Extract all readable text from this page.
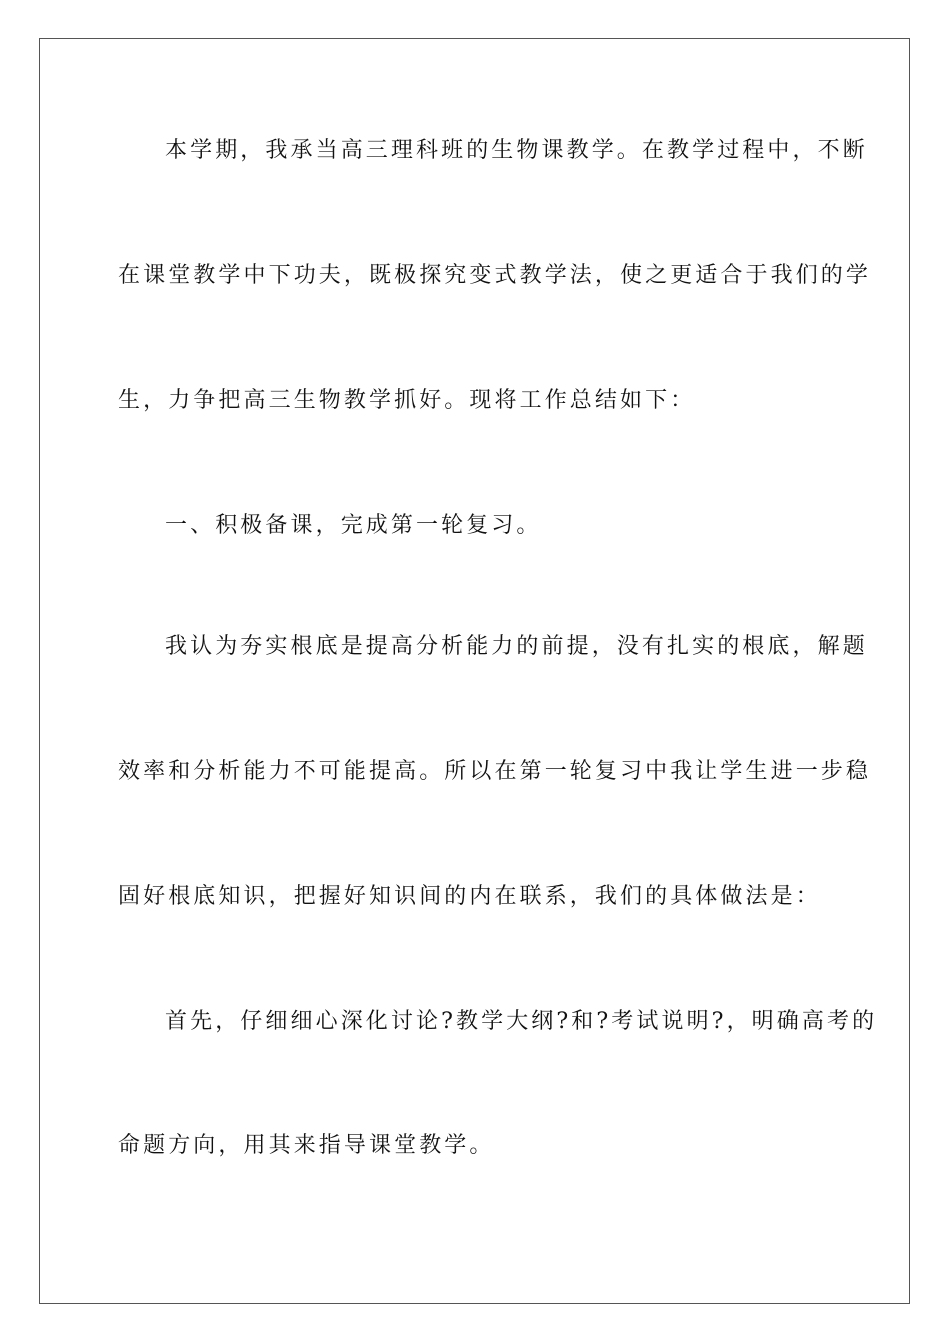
本学期，我承当高三理科班的生物课教学。在教学过程中，不断
在课堂教学中下功夫，既极探究变式教学法，使之更适合于我们的学
生，力争把高三生物教学抓好。现将工作总结如下：
一、积极备课，完成第一轮复习。
我认为夯实根底是提高分析能力的前提，没有扎实的根底，解题
效率和分析能力不可能提高。所以在第一轮复习中我让学生进一步稳
固好根底知识，把握好知识间的内在联系，我们的具体做法是：
首先，仔细细心深化讨论?教学大纲?和?考试说明?，明确高考的
命题方向，用其来指导课堂教学。
